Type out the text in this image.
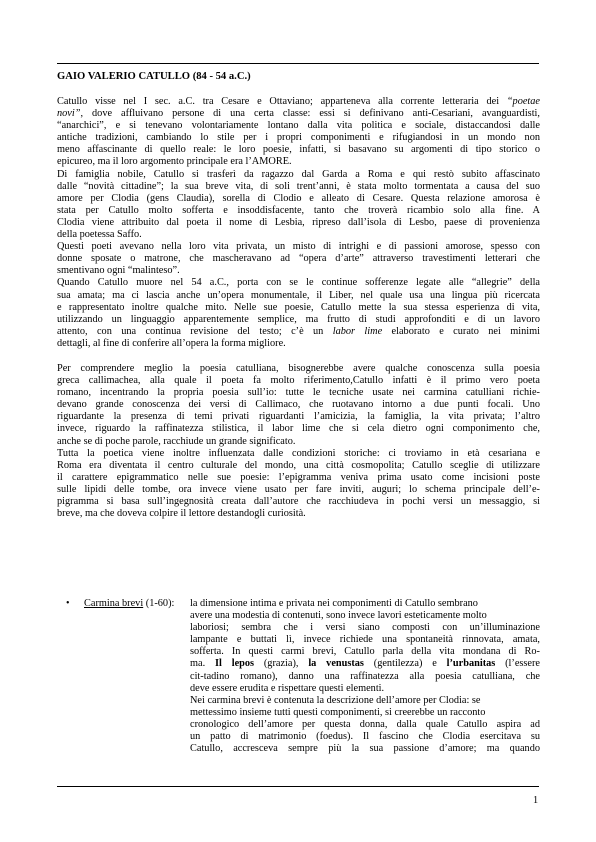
GAIO VALERIO CATULLO (84 - 54 a.C.)
Catullo visse nel I sec. a.C. tra Cesare e Ottaviano; apparteneva alla corrente letteraria dei “poetae
novi”, dove affluivano persone di una certa classe: essi si definivano anti-Cesariani, avanguardisti,
“anarchici”, e si tenevano volontariamente lontano dalla vita politica e sociale, distaccandosi dalle
antiche tradizioni, cambiando lo stile per i propri componimenti e rifugiandosi in un mondo non
meno affascinante di quello reale: le loro poesie, infatti, si basavano su argomenti di tipo storico o
epicureo, ma il loro argomento principale era l’AMORE.
Di famiglia nobile, Catullo si trasferì da ragazzo dal Garda a Roma e qui restò subito affascinato
dalle “novità cittadine”; la sua breve vita, di soli trent’anni, è stata molto tormentata a causa del suo
amore per Clodia (gens Claudia), sorella di Clodio e alleato di Cesare. Questa relazione amorosa è
stata per Catullo molto sofferta e insoddisfacente, tanto che troverà ricambio solo alla fine. A
Clodia viene attribuito dal poeta il nome di Lesbia, ripreso dall’isola di Lesbo, paese di provenienza
della poetessa Saffo.
Questi poeti avevano nella loro vita privata, un misto di intrighi e di passioni amorose, spesso con
donne sposate o matrone, che mascheravano ad “opera d’arte” attraverso travestimenti letterari che
smentivano ogni “malinteso”.
Quando Catullo muore nel 54 a.C., porta con se le continue sofferenze legate alle “allegrie” della
sua amata; ma ci lascia anche un’opera monumentale, il Liber, nel quale usa una lingua più ricercata
e rappresentato inoltre qualche mito. Nelle sue poesie, Catullo mette la sua stessa esperienza di vita,
utilizzando un linguaggio apparentemente semplice, ma frutto di studi approfonditi e di un lavoro
attento, con una continua revisione del testo; c’è un labor lime elaborato e curato nei minimi
dettagli, al fine di conferire all’opera la forma migliore.
Per comprendere meglio la poesia catulliana, bisognerebbe avere qualche conoscenza sulla poesia
greca callimachea, alla quale il poeta fa molto riferimento,Catullo infatti è il primo vero poeta
romano, incentrando la propria poesia sull’io: tutte le tecniche usate nei carmina catulliani richie-
devano grande conoscenza dei versi di Callimaco, che ruotavano intorno a due punti focali. Uno
riguardante la presenza di temi privati riguardanti l’amicizia, la famiglia, la vita privata; l’altro
invece, riguardo la raffinatezza stilistica, il labor lime che si cela dietro ogni componimento che,
anche se di poche parole, racchiude un grande significato.
Tutta la poetica viene inoltre influenzata dalle condizioni storiche: ci troviamo in età cesariana e
Roma era diventata il centro culturale del mondo, una città cosmopolita; Catullo sceglie di utilizzare
il carattere epigrammatico nelle sue poesie: l’epigramma veniva prima usato come incisioni poste
sulle lipidi delle tombe, ora invece viene usato per fare inviti, auguri; lo schema principale dell’e-
pigramma si basa sull’ingegnosità creata dall’autore che racchiudeva in pochi versi un messaggio, si
breve, ma che doveva colpire il lettore destandogli curiosità.
• Carmina brevi (1-60): la dimensione intima e privata nei componimenti di Catullo sembrano
avere una modestia di contenuti, sono invece lavori esteticamente molto
laboriosi; sembra che i versi siano composti con un’illuminazione
lampante e buttati lì, invece richiede una spontaneità rinnovata, amata,
sofferta. In questi carmi brevi, Catullo parla della vita mondana di Ro-
ma. Il lepos (grazia), la venustas (gentilezza) e l’urbanitas (l’essere
cit-tadino romano), danno una raffinatezza alla poesia catulliana, che
deve essere erudita e rispettare questi elementi.
Nei carmina brevi è contenuta la descrizione dell’amore per Clodia: se
mettessimo insieme tutti questi componimenti, si creerebbe un racconto
cronologico dell’amore per questa donna, dalla quale Catullo aspira ad
un patto di matrimonio (foedus). Il fascino che Clodia esercitava su
Catullo, accresceva sempre più la sua passione d’amore; ma quando
1
